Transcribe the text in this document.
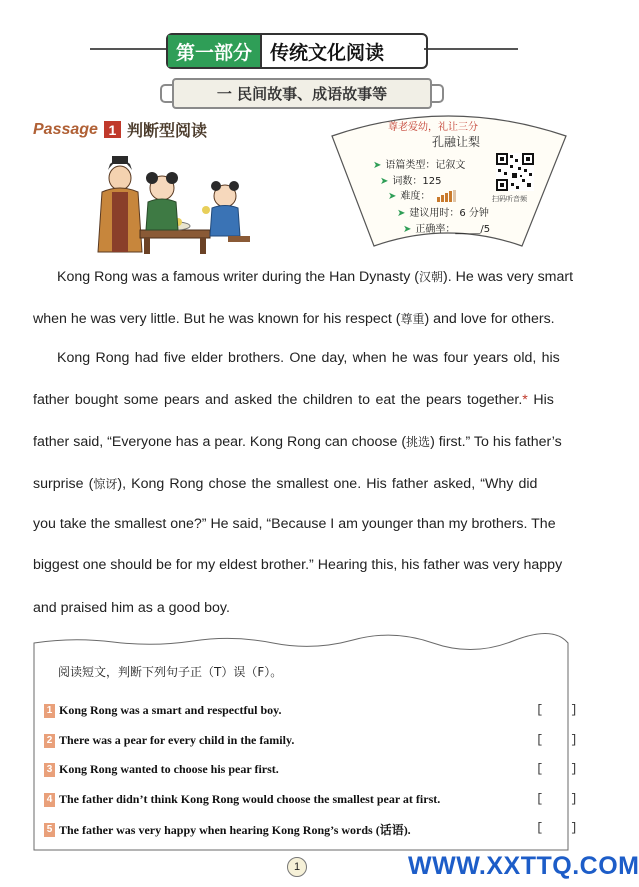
第一部分 传统文化阅读
一 民间故事、成语故事等
Passage 1 判断型阅读	尊老爱幼，礼让三分
孔融让梨
➤ 语篇类型：记叙文
➤ 词数：125
➤ 难度：
➤ 建议用时：6 分钟
➤ 正确率：_____/5
扫码听音频
Kong Rong was a famous writer during the Han Dynasty (汉朝). He was very smart
when he was very little. But he was known for his respect (尊重) and love for others.
Kong Rong had five elder brothers. One day, when he was four years old, his
father bought some pears and asked the children to eat the pears together.* His
father said, “Everyone has a pear. Kong Rong can choose (挑选) first.” To his father’s
surprise (惊讶), Kong Rong chose the smallest one. His father asked, “Why did
you take the smallest one?” He said, “Because I am younger than my brothers. The
biggest one should be for my eldest brother.” Hearing this, his father was very happy
and praised him as a good boy.
阅读短文，判断下列句子正（T）误（F）。
1 Kong Rong was a smart and respectful boy.	[ ]
2 There was a pear for every child in the family.	[ ]
3 Kong Rong wanted to choose his pear first.	[ ]
4 The father didn’t think Kong Rong would choose the smallest pear at first.	[ ]
5 The father was very happy when hearing Kong Rong’s words (话语).	[ ]
1	WWW.XXTTQ.COM
